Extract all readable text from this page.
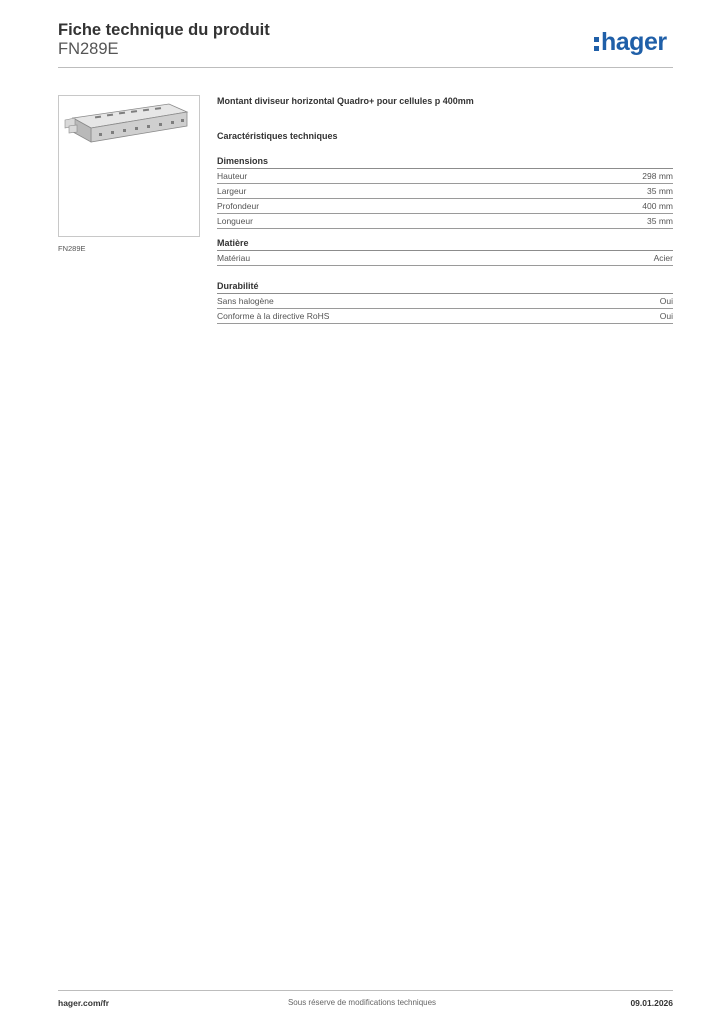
Fiche technique du produit
FN289E	hager
FN289E
Montant diviseur horizontal Quadro+ pour cellules p 400mm
Caractéristiques techniques
Dimensions
Hauteur	298 mm
Largeur	35 mm
Profondeur	400 mm
Longueur	35 mm
Matière
Matériau	Acier
Durabilité
Sans halogène	Oui
Conforme à la directive RoHS	Oui
hager.com/fr	Sous réserve de modifications techniques	09.01.2026
